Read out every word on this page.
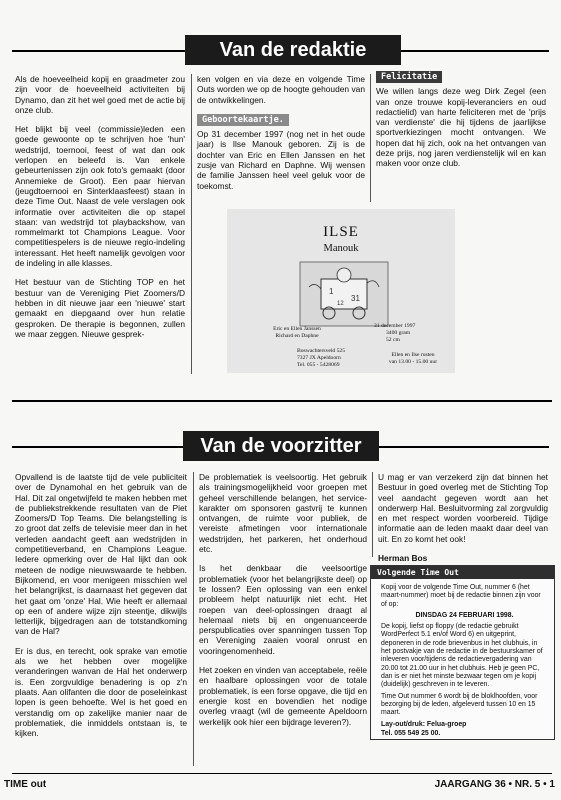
Van de redaktie

Als de hoeveelheid kopij en graadmeter zou zijn voor de hoeveelheid activiteiten bij Dynamo, dan zit het wel goed met de actie bij onze club.

Het blijkt bij veel (commissie)leden een goede gewoonte op te schrijven hoe 'hun' wedstrijd, toernooi, feest of wat dan ook verlopen en beleefd is. Van enkele gebeurtenissen zijn ook foto's gemaakt (door Annemieke de Groot). Een paar hiervan (jeugdtoernooi en Sinterklaasfeest) staan in deze Time Out. Naast de vele verslagen ook informatie over activiteiten die op stapel staan: van wedstrijd tot playbackshow, van rommelmarkt tot Champions League. Voor competitiespelers is de nieuwe regio-indeling interessant. Het heeft namelijk gevolgen voor de indeling in alle klasses.

Het bestuur van de Stichting TOP en het bestuur van de Vereniging Piet Zoomers/D hebben in dit nieuwe jaar een 'nieuwe' start gemaakt en diepgaand over hun relatie gesproken. De therapie is begonnen, zullen we maar zeggen. Nieuwe gesprek-

ken volgen en via deze en volgende Time Outs worden we op de hoogte gehouden van de ontwikkelingen.

Geboortekaartje.

Op 31 december 1997 (nog net in het oude jaar) is Ilse Manouk geboren. Zij is de dochter van Eric en Ellen Janssen en het zusje van Richard en Daphne. Wij wensen de familie Janssen heel veel geluk voor de toekomst.

Felicitatie

We willen langs deze weg Dirk Zegel (een van onze trouwe kopij-leveranciers en oud redactielid) van harte feliciteren met de 'prijs van verdienste' die hij tijdens de jaarlijkse sportverkiezingen mocht ontvangen. We hopen dat hij zich, ook na het ontvangen van deze prijs, nog jaren verdienstelijk wil en kan maken voor onze club.

ILSE
Manouk
1
31
12
Eric en Ellen Janssen
Richard en Daphne
31 december 1997
3400 gram
52 cm
Boswachtersveld 525
7327 JX Apeldoorn
Tel. 055 - 5428069
Ellen en Ilse rusten
van 13.00 - 15.00 uur
Van de voorzitter

Opvallend is de laatste tijd de vele publiciteit over de Dynamohal en het gebruik van de Hal. Dit zal ongetwijfeld te maken hebben met de publiekstrekkende resultaten van de Piet Zoomers/D Top Teams. Die belangstelling is zo groot dat zelfs de televisie meer dan in het verleden aandacht geeft aan wedstrijden in competitieverband, en Champions League. Iedere opmerking over de Hal lijkt dan ook meteen de nodige nieuwswaarde te hebben. Bijkomend, en voor menigeen misschien wel het belangrijkst, is daarnaast het gegeven dat het gaat om 'onze' Hal. Wie heeft er allemaal op een of andere wijze zijn steentje, dikwijls letterlijk, bijgedragen aan de totstandkoming van de Hal?

Er is dus, en terecht, ook sprake van emotie als we het hebben over mogelijke veranderingen wanvan de Hal het onderwerp is. Een zorgvuldige benadering is op z'n plaats. Aan olifanten die door de poseleinkast lopen is geen behoefte. Wel is het goed en verstandig om op zakelijke manier naar de problematiek, die inmiddels ontstaan is, te kijken.

De problematiek is veelsoortig. Het gebruik als trainingsmogelijkheid voor groepen met geheel verschillende belangen, het service-karakter om sponsoren gastvrij te kunnen ontvangen, de ruimte voor publiek, de vereiste afmetingen voor internationale wedstrijden, het parkeren, het onderhoud etc.

Is het denkbaar die veelsoortige problematiek (voor het belangrijkste deel) op te lossen? Een oplossing van een enkel probleem helpt natuurlijk niet echt. Het roepen van deel-oplossingen draagt al helemaal niets bij en ongenuanceerde perspublicaties over spanningen tussen Top en Vereniging zaaien vooral onrust en vooringenomenheid.

Het zoeken en vinden van acceptabele, reële en haalbare oplossingen voor de totale problematiek, is een forse opgave, die tijd en energie kost en bovendien het nodige overleg vraagt (wil de gemeente Apeldoorn werkelijk ook hier een bijdrage leveren?).

U mag er van verzekerd zijn dat binnen het Bestuur in goed overleg met de Stichting Top veel aandacht gegeven wordt aan het onderwerp Hal. Besluitvorming zal zorgvuldig en met respect worden voorbereid. Tijdige informatie aan de leden maakt daar deel van uit. En zo komt het ook!

Herman Bos

Volgende Time Out

Kopij voor de volgende Time Out, nummer 6 (het maart-nummer) moet bij de redactie binnen zijn voor of op:

DINSDAG 24 FEBRUARI 1998.

De kopij, liefst op floppy (de redactie gebruikt WordPerfect 5.1 en/of Word 6) en uitgeprint, deponeren in de rode brievenbus in het clubhuis, in het postvakje van de redactie in de bestuurskamer of inleveren voor/tijdens de redactievergadering van 20.00 tot 21.00 uur in het clubhuis. Heb je geen PC, dan is er niet het minste bezwaar tegen om je kopij (duidelijk) geschreven in te leveren.

Time Out nummer 6 wordt bij de bloklhoofden, voor bezorging bij de leden, afgeleverd tussen 10 en 15 maart.

Lay-out/druk: Felua-groep
Tel. 055 549 25 00.

TIME out	JAARGANG 36 • NR. 5 • 1
